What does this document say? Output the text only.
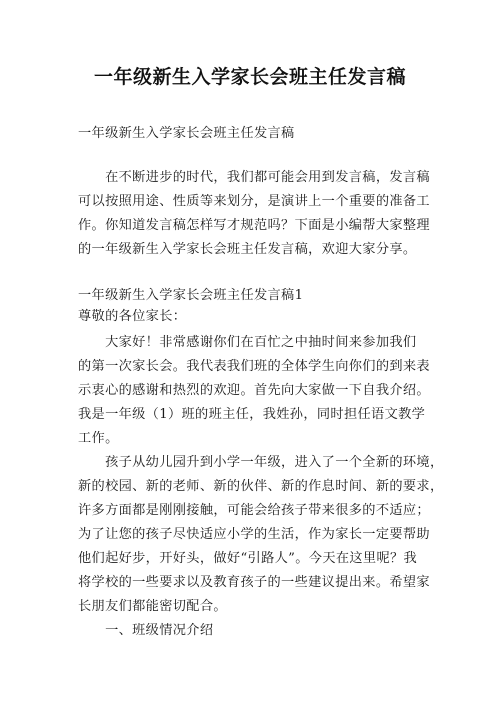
一年级新生入学家长会班主任发言稿
一年级新生入学家长会班主任发言稿
　　在不断进步的时代，我们都可能会用到发言稿，发言稿
可以按照用途、性质等来划分，是演讲上一个重要的准备工
作。你知道发言稿怎样写才规范吗？下面是小编帮大家整理
的一年级新生入学家长会班主任发言稿，欢迎大家分享。
一年级新生入学家长会班主任发言稿1
尊敬的各位家长：
　　大家好！非常感谢你们在百忙之中抽时间来参加我们
的第一次家长会。我代表我们班的全体学生向你们的到来表
示衷心的感谢和热烈的欢迎。首先向大家做一下自我介绍。
我是一年级（1）班的班主任，我姓孙，同时担任语文教学
工作。
　　孩子从幼儿园升到小学一年级，进入了一个全新的环境，
新的校园、新的老师、新的伙伴、新的作息时间、新的要求，
许多方面都是刚刚接触，可能会给孩子带来很多的不适应；
为了让您的孩子尽快适应小学的生活，作为家长一定要帮助
他们起好步，开好头，做好“引路人”。今天在这里呢？我
将学校的一些要求以及教育孩子的一些建议提出来。希望家
长朋友们都能密切配合。
　　一、班级情况介绍
